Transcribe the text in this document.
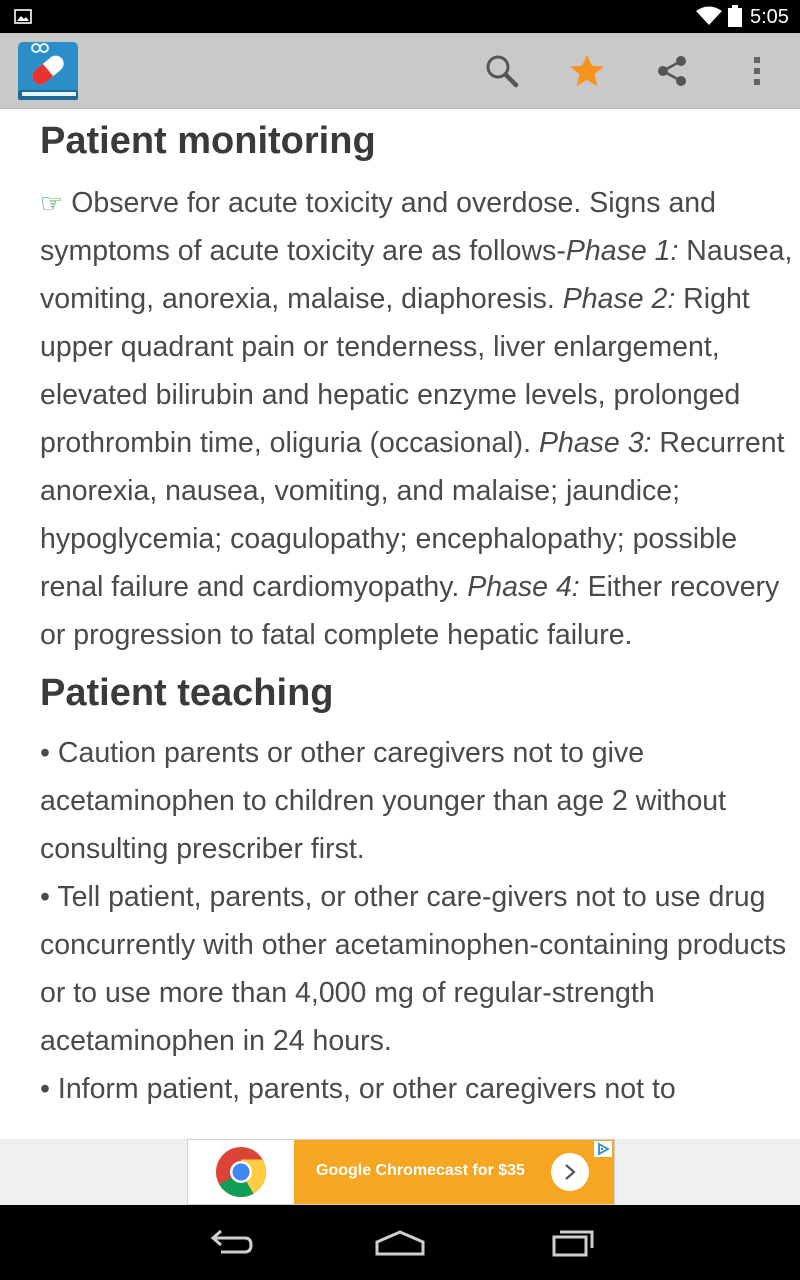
5:05
Patient monitoring

☞ Observe for acute toxicity and overdose. Signs and symptoms of acute toxicity are as follows-Phase 1: Nausea, vomiting, anorexia, malaise, diaphoresis. Phase 2: Right upper quadrant pain or tenderness, liver enlargement, elevated bilirubin and hepatic enzyme levels, prolonged prothrombin time, oliguria (occasional). Phase 3: Recurrent anorexia, nausea, vomiting, and malaise; jaundice; hypoglycemia; coagulopathy; encephalopathy; possible renal failure and cardiomyopathy. Phase 4: Either recovery or progression to fatal complete hepatic failure.

Patient teaching

• Caution parents or other caregivers not to give acetaminophen to children younger than age 2 without consulting prescriber first.

• Tell patient, parents, or other care-givers not to use drug concurrently with other acetaminophen-containing products or to use more than 4,000 mg of regular-strength acetaminophen in 24 hours.

• Inform patient, parents, or other caregivers not to

Google Chromecast for $35
